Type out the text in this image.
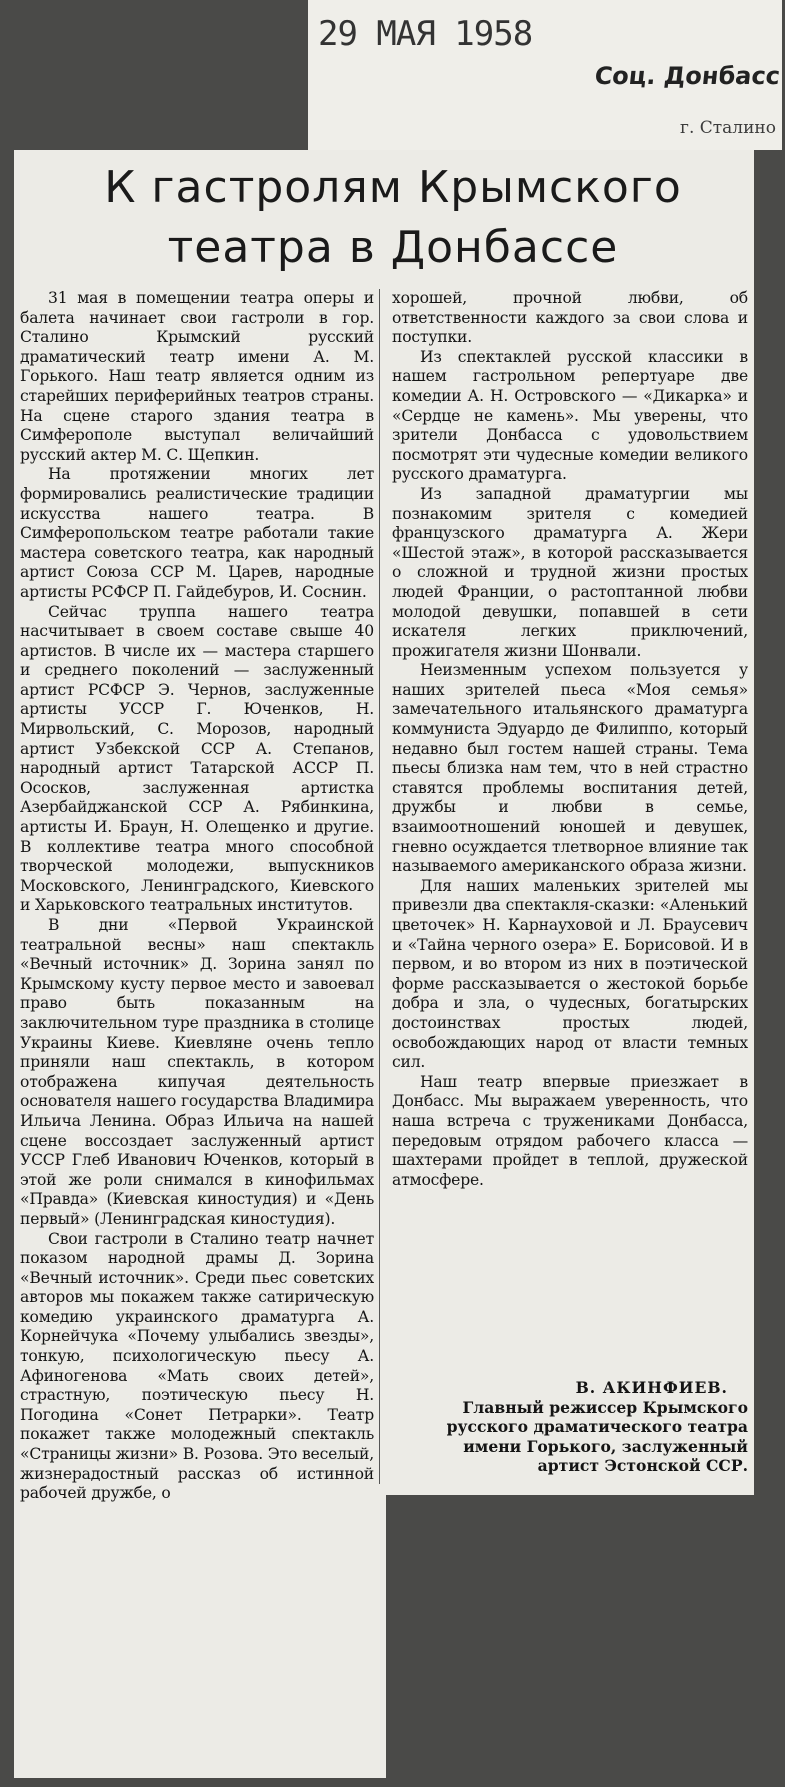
29 МАЯ 1958
Соц. Донбасс
г. Сталино
К гастролям Крымского
театра в Донбассе

31 мая в помещении театра оперы и балета начинает свои гастроли в гор. Сталино Крымский русский драматический театр имени А. М. Горького. Наш театр является одним из старейших периферийных театров страны. На сцене старого здания театра в Симферополе выступал величайший русский актер М. С. Щепкин.

На протяжении многих лет формировались реалистические традиции искусства нашего театра. В Симферопольском театре работали такие мастера советского театра, как народный артист Союза ССР М. Царев, народные артисты РСФСР П. Гайдебуров, И. Соснин.

Сейчас труппа нашего театра насчитывает в своем составе свыше 40 артистов. В числе их — мастера старшего и среднего поколений — заслуженный артист РСФСР Э. Чернов, заслуженные артисты УССР Г. Юченков, Н. Мирвольский, С. Морозов, народный артист Узбекской ССР А. Степанов, народный артист Татарской АССР П. Ососков, заслуженная артистка Азербайджанской ССР А. Рябинкина, артисты И. Браун, Н. Олещенко и другие. В коллективе театра много способной творческой молодежи, выпускников Московского, Ленинградского, Киевского и Харьковского театральных институтов.

В дни «Первой Украинской театральной весны» наш спектакль «Вечный источник» Д. Зорина занял по Крымскому кусту первое место и завоевал право быть показанным на заключительном туре праздника в столице Украины Киеве. Киевляне очень тепло приняли наш спектакль, в котором отображена кипучая деятельность основателя нашего государства Владимира Ильича Ленина. Образ Ильича на нашей сцене воссоздает заслуженный артист УССР Глеб Иванович Юченков, который в этой же роли снимался в кинофильмах «Правда» (Киевская киностудия) и «День первый» (Ленинградская киностудия).

Свои гастроли в Сталино театр начнет показом народной драмы Д. Зорина «Вечный источник». Среди пьес советских авторов мы покажем также сатирическую комедию украинского драматурга А. Корнейчука «Почему улыбались звезды», тонкую, психологическую пьесу А. Афиногенова «Мать своих детей», страстную, поэтическую пьесу Н. Погодина «Сонет Петрарки». Театр покажет также молодежный спектакль «Страницы жизни» В. Розова. Это веселый, жизнерадостный рассказ об истинной рабочей дружбе, о

хорошей, прочной любви, об ответственности каждого за свои слова и поступки.

Из спектаклей русской классики в нашем гастрольном репертуаре две комедии А. Н. Островского — «Дикарка» и «Сердце не камень». Мы уверены, что зрители Донбасса с удовольствием посмотрят эти чудесные комедии великого русского драматурга.

Из западной драматургии мы познакомим зрителя с комедией французского драматурга А. Жери «Шестой этаж», в которой рассказывается о сложной и трудной жизни простых людей Франции, о растоптанной любви молодой девушки, попавшей в сети искателя легких приключений, прожигателя жизни Шонвали.

Неизменным успехом пользуется у наших зрителей пьеса «Моя семья» замечательного итальянского драматурга коммуниста Эдуардо де Филиппо, который недавно был гостем нашей страны. Тема пьесы близка нам тем, что в ней страстно ставятся проблемы воспитания детей, дружбы и любви в семье, взаимоотношений юношей и девушек, гневно осуждается тлетворное влияние так называемого американского образа жизни.

Для наших маленьких зрителей мы привезли два спектакля-сказки: «Аленький цветочек» Н. Карнауховой и Л. Браусевич и «Тайна черного озера» Е. Борисовой. И в первом, и во втором из них в поэтической форме рассказывается о жестокой борьбе добра и зла, о чудесных, богатырских достоинствах простых людей, освобождающих народ от власти темных сил.

Наш театр впервые приезжает в Донбасс. Мы выражаем уверенность, что наша встреча с тружениками Донбасса, передовым отрядом рабочего класса — шахтерами пройдет в теплой, дружеской атмосфере.

В. АКИНФИЕВ.
Главный режиссер Крымского русского драматического театра имени Горького, заслуженный артист Эстонской ССР.
